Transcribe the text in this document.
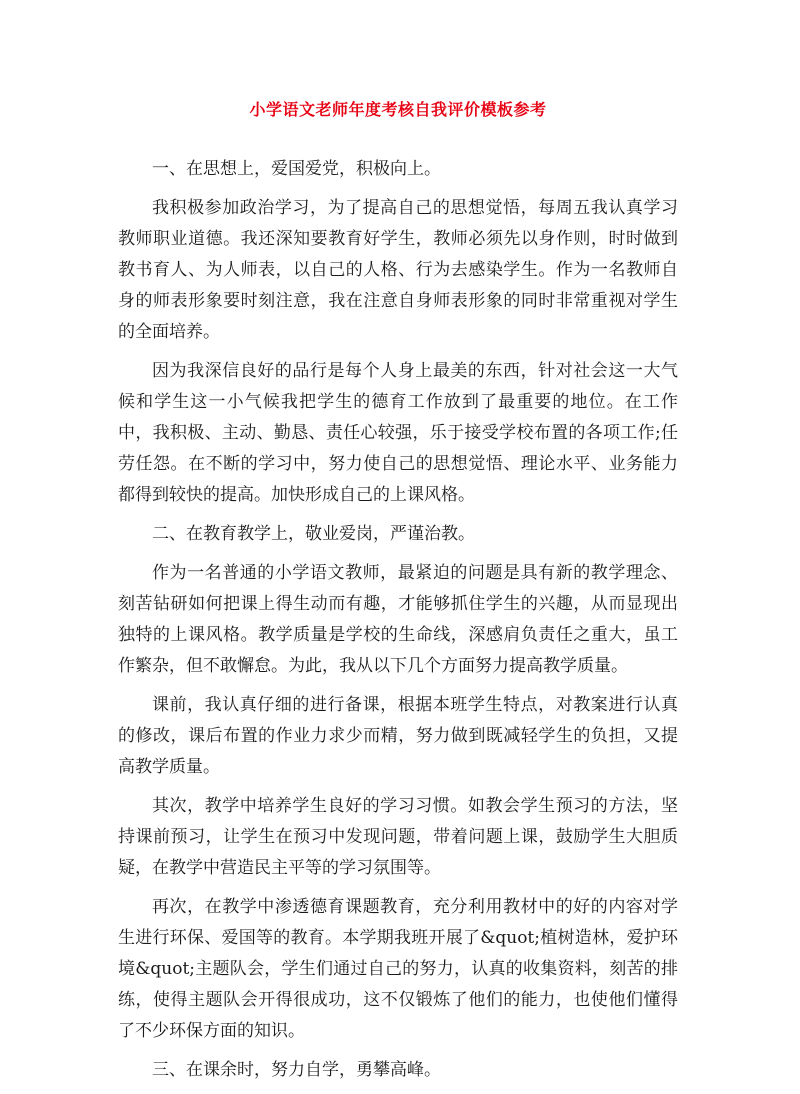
小学语文老师年度考核自我评价模板参考

一、在思想上，爱国爱党，积极向上。

我积极参加政治学习，为了提高自己的思想觉悟，每周五我认真学习教师职业道德。我还深知要教育好学生，教师必须先以身作则，时时做到教书育人、为人师表，以自己的人格、行为去感染学生。作为一名教师自身的师表形象要时刻注意，我在注意自身师表形象的同时非常重视对学生的全面培养。

因为我深信良好的品行是每个人身上最美的东西，针对社会这一大气候和学生这一小气候我把学生的德育工作放到了最重要的地位。在工作中，我积极、主动、勤恳、责任心较强，乐于接受学校布置的各项工作;任劳任怨。在不断的学习中，努力使自己的思想觉悟、理论水平、业务能力都得到较快的提高。加快形成自己的上课风格。

二、在教育教学上，敬业爱岗，严谨治教。

作为一名普通的小学语文教师，最紧迫的问题是具有新的教学理念、刻苦钻研如何把课上得生动而有趣，才能够抓住学生的兴趣，从而显现出独特的上课风格。教学质量是学校的生命线，深感肩负责任之重大，虽工作繁杂，但不敢懈怠。为此，我从以下几个方面努力提高教学质量。

课前，我认真仔细的进行备课，根据本班学生特点，对教案进行认真的修改，课后布置的作业力求少而精，努力做到既减轻学生的负担，又提高教学质量。

其次，教学中培养学生良好的学习习惯。如教会学生预习的方法，坚持课前预习，让学生在预习中发现问题，带着问题上课，鼓励学生大胆质疑，在教学中营造民主平等的学习氛围等。

再次，在教学中渗透德育课题教育，充分利用教材中的好的内容对学生进行环保、爱国等的教育。本学期我班开展了&quot;植树造林，爱护环境&quot;主题队会，学生们通过自己的努力，认真的收集资料，刻苦的排练，使得主题队会开得很成功，这不仅锻炼了他们的能力，也使他们懂得了不少环保方面的知识。

三、在课余时，努力自学，勇攀高峰。
